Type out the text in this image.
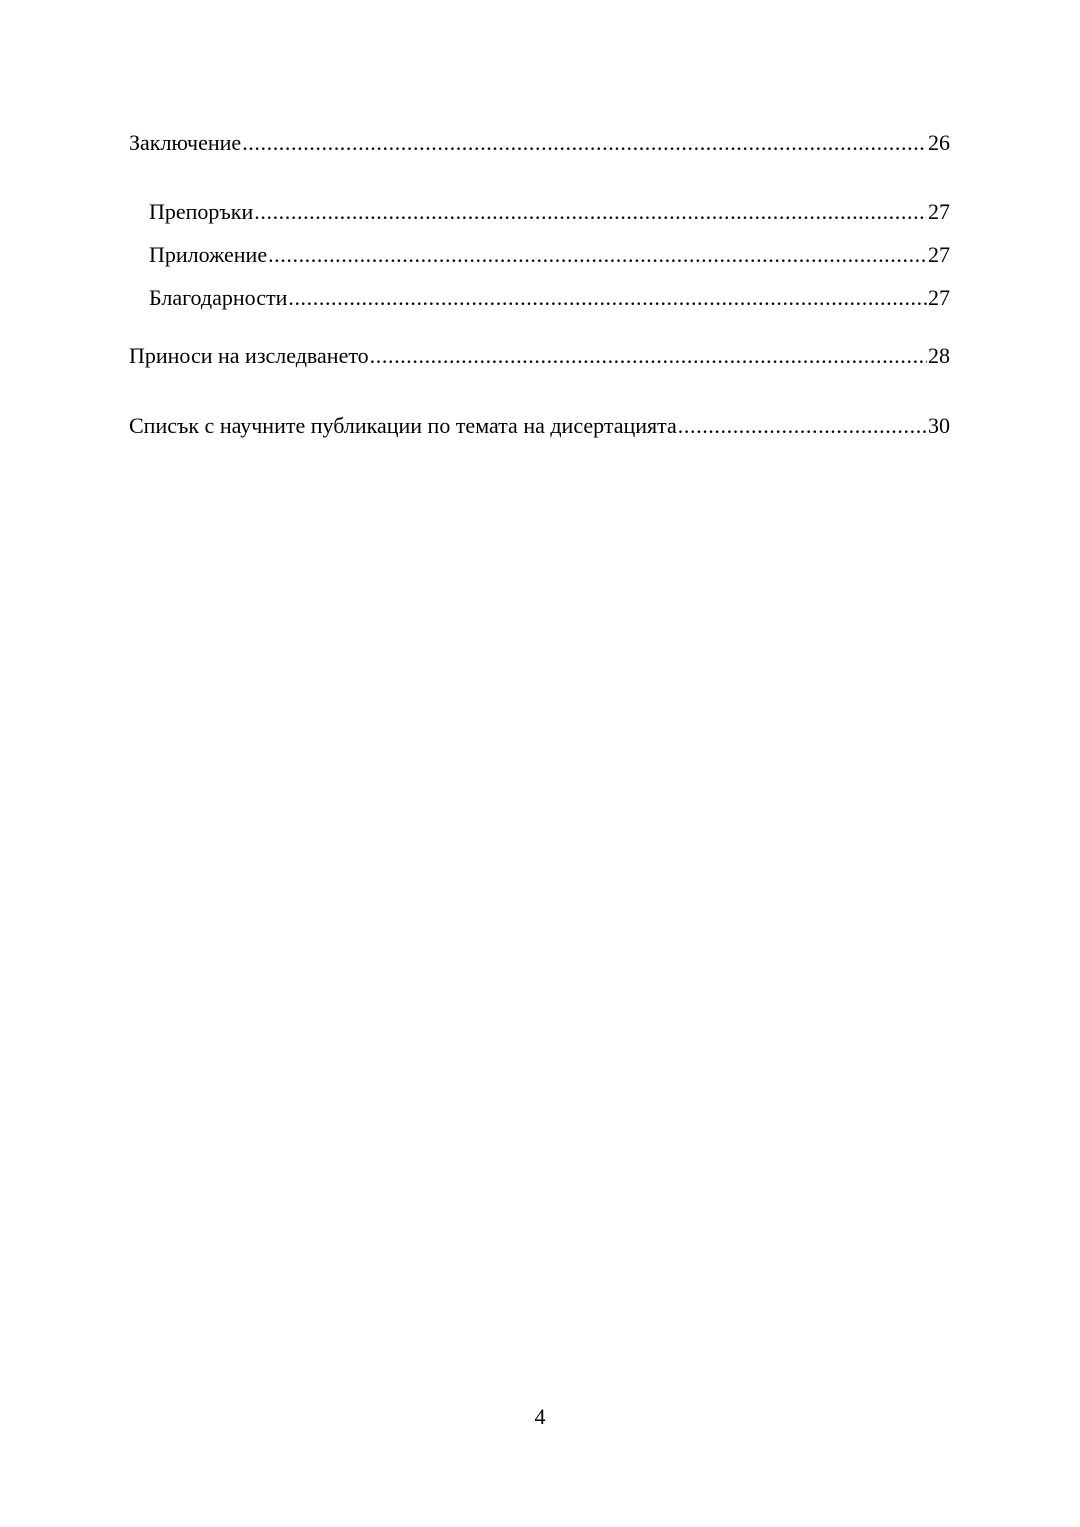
Заключение .....	26
Препоръки .....	27
Приложение .....	27
Благодарности .....	27
Приноси на изследването .....	28
Списък с научните публикации по темата на дисертацията .....	30
4
